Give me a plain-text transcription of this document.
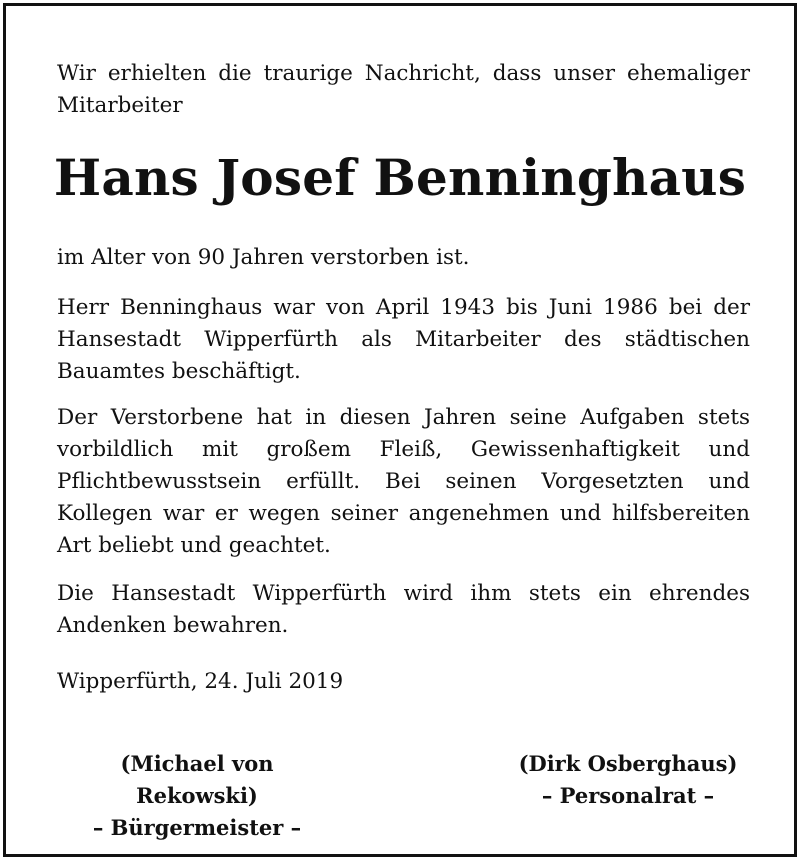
Wir erhielten die traurige Nachricht, dass unser ehemaliger Mitarbeiter

Hans Josef Benninghaus

im Alter von 90 Jahren verstorben ist.

Herr Benninghaus war von April 1943 bis Juni 1986 bei der Hansestadt Wipperfürth als Mitarbeiter des städtischen Bauamtes beschäftigt.

Der Verstorbene hat in diesen Jahren seine Aufgaben stets vorbildlich mit großem Fleiß, Gewissenhaftigkeit und Pflichtbewusstsein erfüllt. Bei seinen Vorgesetzten und Kollegen war er wegen seiner angenehmen und hilfsbereiten Art beliebt und geachtet.

Die Hansestadt Wipperfürth wird ihm stets ein ehrendes Andenken bewahren.

Wipperfürth, 24. Juli 2019

(Michael von Rekowski)
– Bürgermeister –
(Dirk Osberghaus)
– Personalrat –
